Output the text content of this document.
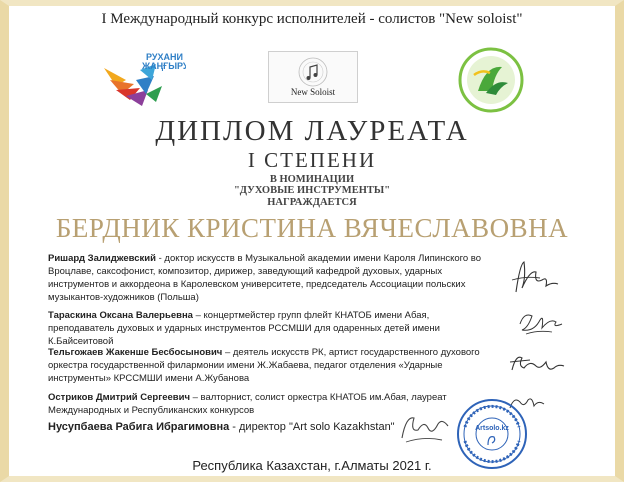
I Международный конкурс исполнителей - солистов "New soloist"
РУХАНИ
ЖАҢҒЫРУ
New Soloist
ДИПЛОМ ЛАУРЕАТА
I СТЕПЕНИ
В НОМИНАЦИИ
"ДУХОВЫЕ ИНСТРУМЕНТЫ"
НАГРАЖДАЕТСЯ
БЕРДНИК КРИСТИНА ВЯЧЕСЛАВОВНА
Ришард Залиджевский - доктор искусств в Музыкальной академии имени Кароля Липинского во Вроцлаве, саксофонист, композитор, дирижер, заведующий кафедрой духовых, ударных инструментов и аккордеона в Каролевском университете, председатель Ассоциации польских музыкантов-художников (Польша)
Тараскина Оксана Валерьевна – концертмейстер групп флейт КНАТОБ имени Абая, преподаватель духовых и ударных инструментов РССМШИ для одаренных детей имени К.Байсеитовой
Тельгожаев Жакенше Бесбосынович – деятель искусств РК, артист государственного духового оркестра государственной филармонии имени Ж.Жабаева, педагог отделения «Ударные инструменты» КРССМШИ имени А.Жубанова
Остриков Дмитрий Сергеевич – валторнист, солист оркестра КНАТОБ им.Абая, лауреат Международных и Республиканских конкурсов
Нусупбаева Рабига Ибрагимовна - директор "Art solo Kazakhstan"	Artsolo.kz
Республика Казахстан, г.Алматы 2021 г.
